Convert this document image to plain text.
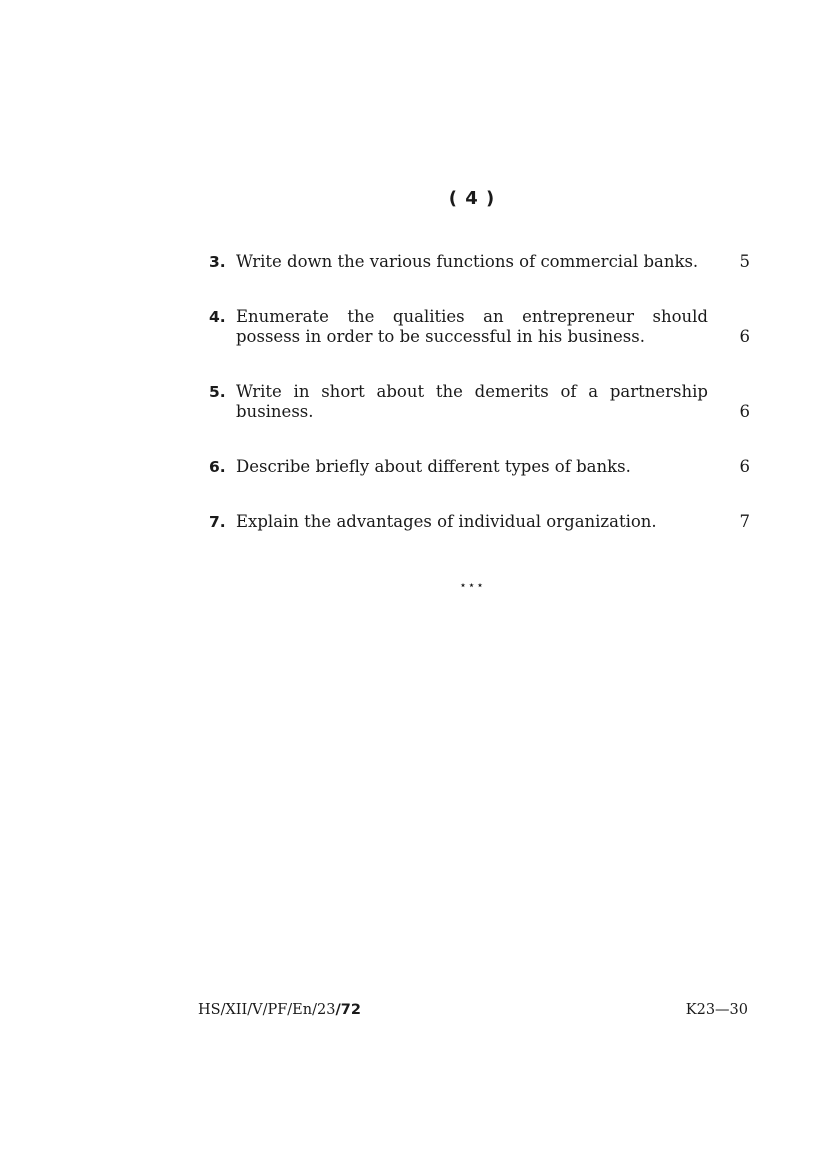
( 4 )
3. Write down the various functions of commercial banks.	5
4. Enumerate the qualities an entrepreneur should possess in order to be successful in his business.	6
5. Write in short about the demerits of a partnership business.	6
6. Describe briefly about different types of banks.	6
7. Explain the advantages of individual organization.	7
⋆⋆⋆
HS/XII/V/PF/En/23/72	K23—30
